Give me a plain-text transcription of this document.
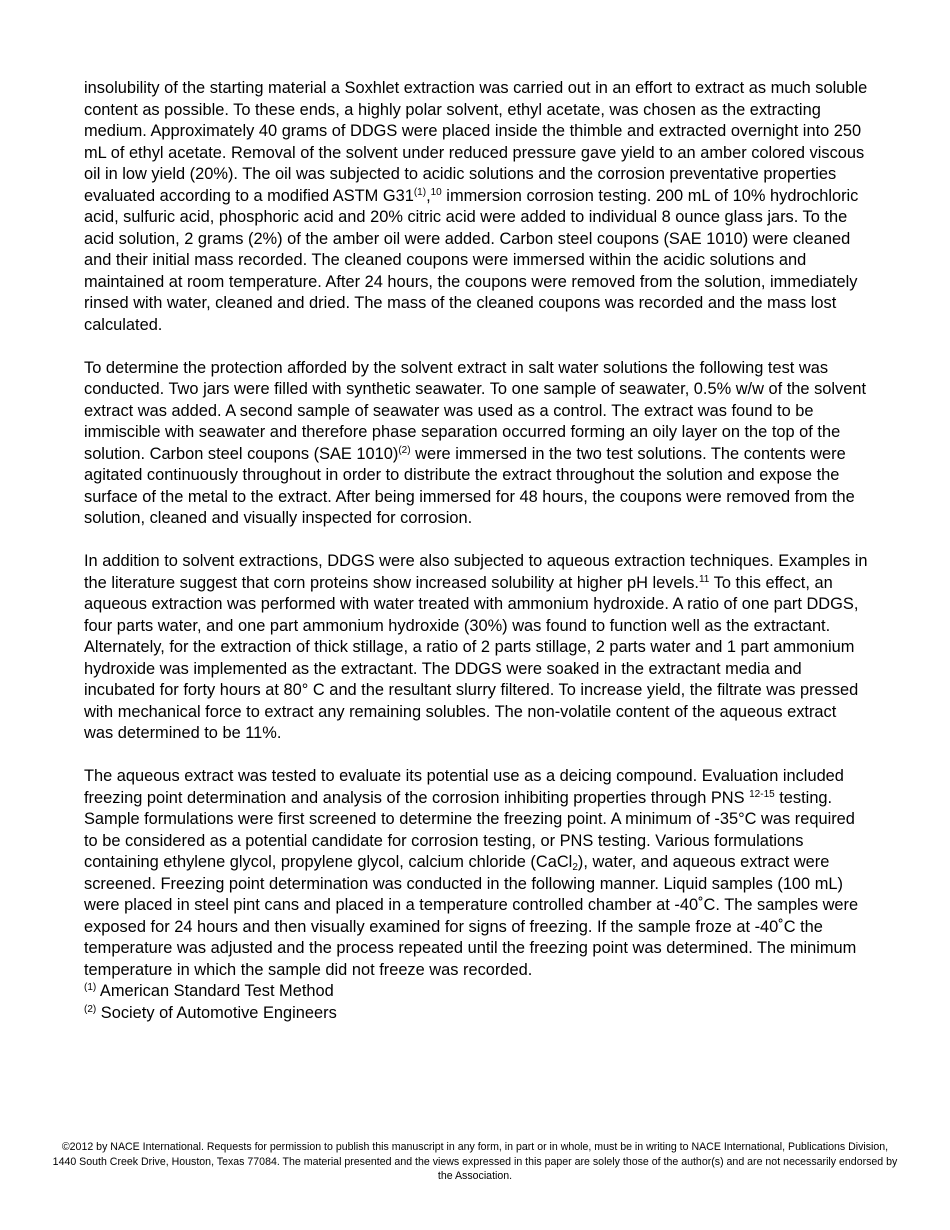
insolubility of the starting material a Soxhlet extraction was carried out in an effort to extract as much soluble content as possible. To these ends, a highly polar solvent, ethyl acetate, was chosen as the extracting medium. Approximately 40 grams of DDGS were placed inside the thimble and extracted overnight into 250 mL of ethyl acetate. Removal of the solvent under reduced pressure gave yield to an amber colored viscous oil in low yield (20%). The oil was subjected to acidic solutions and the corrosion preventative properties evaluated according to a modified ASTM G31$^{(1)}$,$^{10}$ immersion corrosion testing. 200 mL of 10% hydrochloric acid, sulfuric acid, phosphoric acid and 20% citric acid were added to individual 8 ounce glass jars. To the acid solution, 2 grams (2%) of the amber oil were added. Carbon steel coupons (SAE 1010) were cleaned and their initial mass recorded. The cleaned coupons were immersed within the acidic solutions and maintained at room temperature. After 24 hours, the coupons were removed from the solution, immediately rinsed with water, cleaned and dried. The mass of the cleaned coupons was recorded and the mass lost calculated.

To determine the protection afforded by the solvent extract in salt water solutions the following test was conducted. Two jars were filled with synthetic seawater. To one sample of seawater, 0.5% w/w of the solvent extract was added. A second sample of seawater was used as a control. The extract was found to be immiscible with seawater and therefore phase separation occurred forming an oily layer on the top of the solution. Carbon steel coupons (SAE 1010)$^{(2)}$ were immersed in the two test solutions. The contents were agitated continuously throughout in order to distribute the extract throughout the solution and expose the surface of the metal to the extract. After being immersed for 48 hours, the coupons were removed from the solution, cleaned and visually inspected for corrosion.

In addition to solvent extractions, DDGS were also subjected to aqueous extraction techniques. Examples in the literature suggest that corn proteins show increased solubility at higher pH levels.$^{11}$ To this effect, an aqueous extraction was performed with water treated with ammonium hydroxide. A ratio of one part DDGS, four parts water, and one part ammonium hydroxide (30%) was found to function well as the extractant. Alternately, for the extraction of thick stillage, a ratio of 2 parts stillage, 2 parts water and 1 part ammonium hydroxide was implemented as the extractant. The DDGS were soaked in the extractant media and incubated for forty hours at 80° C and the resultant slurry filtered. To increase yield, the filtrate was pressed with mechanical force to extract any remaining solubles. The non-volatile content of the aqueous extract was determined to be 11%.

The aqueous extract was tested to evaluate its potential use as a deicing compound. Evaluation included freezing point determination and analysis of the corrosion inhibiting properties through PNS $^{12-15}$ testing. Sample formulations were first screened to determine the freezing point. A minimum of -35°C was required to be considered as a potential candidate for corrosion testing, or PNS testing. Various formulations containing ethylene glycol, propylene glycol, calcium chloride (CaCl$_2$), water, and aqueous extract were screened. Freezing point determination was conducted in the following manner. Liquid samples (100 mL) were placed in steel pint cans and placed in a temperature controlled chamber at -40˚C. The samples were exposed for 24 hours and then visually examined for signs of freezing. If the sample froze at -40˚C the temperature was adjusted and the process repeated until the freezing point was determined. The minimum temperature in which the sample did not freeze was recorded.

$^{(1)}$ American Standard Test Method

$^{(2)}$ Society of Automotive Engineers

©2012 by NACE International. Requests for permission to publish this manuscript in any form, in part or in whole, must be in writing to NACE International, Publications Division, 1440 South Creek Drive, Houston, Texas 77084. The material presented and the views expressed in this paper are solely those of the author(s) and are not necessarily endorsed by the Association.
